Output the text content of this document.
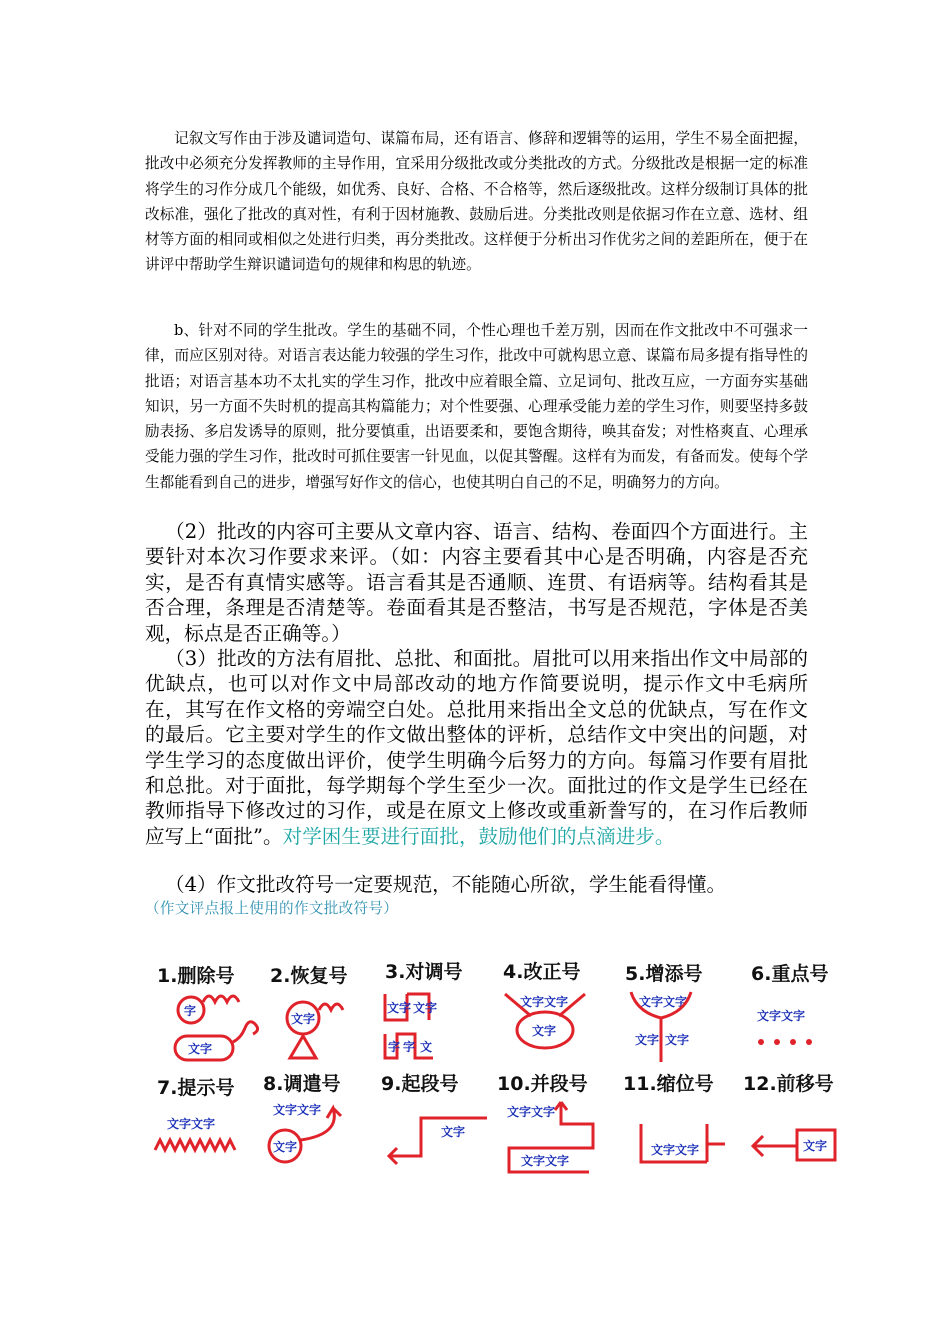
记叙文写作由于涉及谴词造句、谋篇布局，还有语言、修辞和逻辑等的运用，学生不易全面把握，批改中必须充分发挥教师的主导作用，宜采用分级批改或分类批改的方式。分级批改是根据一定的标准将学生的习作分成几个能级，如优秀、良好、合格、不合格等，然后逐级批改。这样分级制订具体的批改标准，强化了批改的真对性，有利于因材施教、鼓励后进。分类批改则是依据习作在立意、选材、组材等方面的相同或相似之处进行归类，再分类批改。这样便于分析出习作优劣之间的差距所在，便于在讲评中帮助学生辩识谴词造句的规律和构思的轨迹。
b、针对不同的学生批改。学生的基础不同，个性心理也千差万别，因而在作文批改中不可强求一律，而应区别对待。对语言表达能力较强的学生习作，批改中可就构思立意、谋篇布局多提有指导性的批语；对语言基本功不太扎实的学生习作，批改中应着眼全篇、立足词句、批改互应，一方面夯实基础知识，另一方面不失时机的提高其构篇能力；对个性要强、心理承受能力差的学生习作，则要坚持多鼓励表扬、多启发诱导的原则，批分要慎重，出语要柔和，要饱含期待，唤其奋发；对性格爽直、心理承受能力强的学生习作，批改时可抓住要害一针见血，以促其警醒。这样有为而发，有备而发。使每个学生都能看到自己的进步，增强写好作文的信心，也使其明白自己的不足，明确努力的方向。
（2）批改的内容可主要从文章内容、语言、结构、卷面四个方面进行。主要针对本次习作要求来评。（如：内容主要看其中心是否明确，内容是否充实，是否有真情实感等。语言看其是否通顺、连贯、有语病等。结构看其是否合理，条理是否清楚等。卷面看其是否整洁，书写是否规范，字体是否美观，标点是否正确等。）
（3）批改的方法有眉批、总批、和面批。眉批可以用来指出作文中局部的优缺点，也可以对作文中局部改动的地方作简要说明，提示作文中毛病所在，其写在作文格的旁端空白处。总批用来指出全文总的优缺点，写在作文的最后。它主要对学生的作文做出整体的评析，总结作文中突出的问题，对学生学习的态度做出评价，使学生明确今后努力的方向。每篇习作要有眉批和总批。对于面批，每学期每个学生至少一次。面批过的作文是学生已经在教师指导下修改过的习作，或是在原文上修改或重新誊写的，在习作后教师应写上“面批”。对学困生要进行面批，鼓励他们的点滴进步。
（4）作文批改符号一定要规范，不能随心所欲，学生能看得懂。
（作文评点报上使用的作文批改符号）
1.删除号 2.恢复号 3.对调号 4.改正号 5.增添号	6.重点号
7.提示号 8.调遣号 9.起段号 10.并段号 11.缩位号 12.前移号
字
文字
文字
文字 文字
字 字 文
文字文字
文字
文字文字
文字 文字
文字文字
文字文字
文字文字
文字
文字
文字文字
文字文字
文字文字	文字
